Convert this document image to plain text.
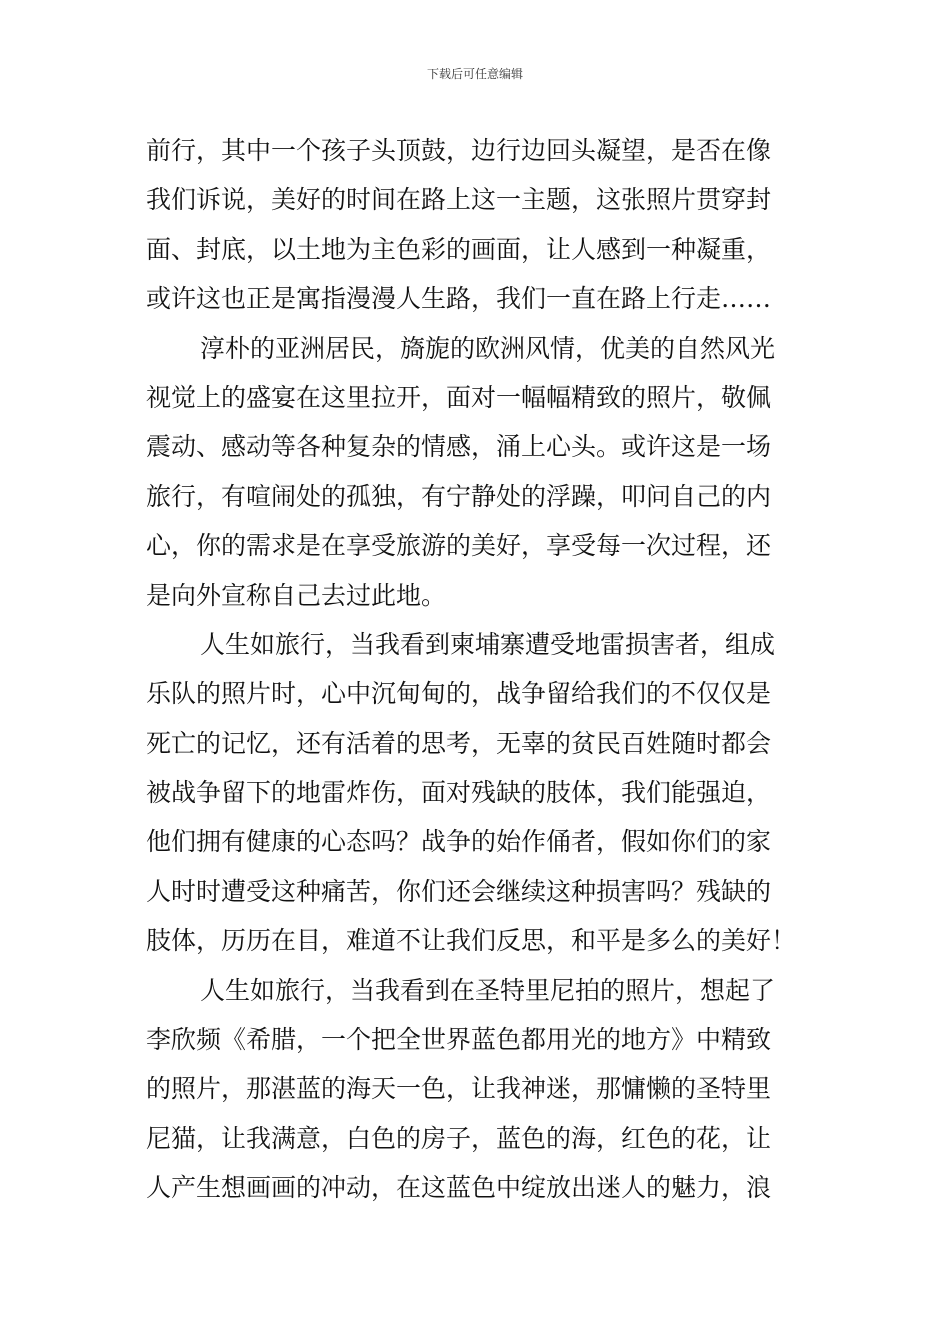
下载后可任意编辑
前行，其中一个孩子头顶鼓，边行边回头凝望，是否在像
我们诉说，美好的时间在路上这一主题，这张照片贯穿封
面、封底，以土地为主色彩的画面，让人感到一种凝重，
或许这也正是寓指漫漫人生路，我们一直在路上行走……
淳朴的亚洲居民，旖旎的欧洲风情，优美的自然风光
视觉上的盛宴在这里拉开，面对一幅幅精致的照片，敬佩
震动、感动等各种复杂的情感，涌上心头。或许这是一场
旅行，有喧闹处的孤独，有宁静处的浮躁，叩问自己的内
心，你的需求是在享受旅游的美好，享受每一次过程，还
是向外宣称自己去过此地。
人生如旅行，当我看到柬埔寨遭受地雷损害者，组成
乐队的照片时，心中沉甸甸的，战争留给我们的不仅仅是
死亡的记忆，还有活着的思考，无辜的贫民百姓随时都会
被战争留下的地雷炸伤，面对残缺的肢体，我们能强迫，
他们拥有健康的心态吗？战争的始作俑者，假如你们的家
人时时遭受这种痛苦，你们还会继续这种损害吗？残缺的
肢体，历历在目，难道不让我们反思，和平是多么的美好！
人生如旅行，当我看到在圣特里尼拍的照片，想起了
李欣频《希腊，一个把全世界蓝色都用光的地方》中精致
的照片，那湛蓝的海天一色，让我神迷，那慵懒的圣特里
尼猫，让我满意，白色的房子，蓝色的海，红色的花，让
人产生想画画的冲动，在这蓝色中绽放出迷人的魅力，浪
